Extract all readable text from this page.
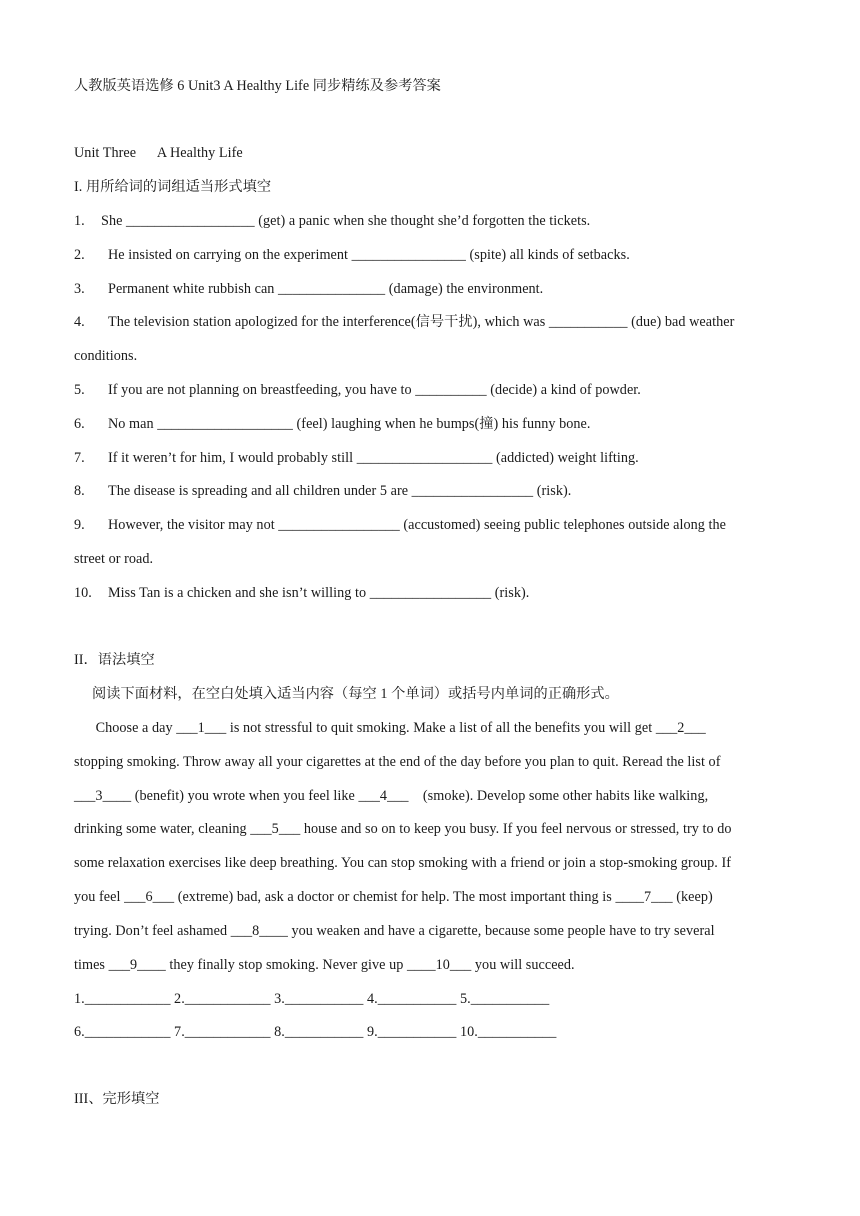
人教版英语选修 6 Unit3 A Healthy Life 同步精练及参考答案
Unit Three      A Healthy Life
I. 用所给词的词组适当形式填空
1.	She __________________ (get) a panic when she thought she’d forgotten the tickets.
2.	He insisted on carrying on the experiment ________________ (spite) all kinds of setbacks.
3.	Permanent white rubbish can _______________ (damage) the environment.
4.	The television station apologized for the interference(信号干扰), which was ___________ (due) bad weather
conditions.
5.	If you are not planning on breastfeeding, you have to __________ (decide) a kind of powder.
6.	No man ___________________ (feel) laughing when he bumps(撞) his funny bone.
7.	If it weren’t for him, I would probably still ___________________ (addicted) weight lifting.
8.	The disease is spreading and all children under 5 are _________________ (risk).
9.	However, the visitor may not _________________ (accustomed) seeing public telephones outside along the
street or road.
10.	Miss Tan is a chicken and she isn’t willing to _________________ (risk).
II．语法填空
阅读下面材料，在空白处填入适当内容（每空 1 个单词）或括号内单词的正确形式。
Choose a day ___1___ is not stressful to quit smoking. Make a list of all the benefits you will get ___2___
stopping smoking. Throw away all your cigarettes at the end of the day before you plan to quit. Reread the list of
___3____ (benefit) you wrote when you feel like ___4___    (smoke). Develop some other habits like walking,
drinking some water, cleaning ___5___ house and so on to keep you busy. If you feel nervous or stressed, try to do
some relaxation exercises like deep breathing. You can stop smoking with a friend or join a stop-smoking group. If
you feel ___6___ (extreme) bad, ask a doctor or chemist for help. The most important thing is ____7___ (keep)
trying. Don’t feel ashamed ___8____ you weaken and have a cigarette, because some people have to try several
times ___9____ they finally stop smoking. Never give up ____10___ you will succeed.
1.____________ 2.____________ 3.___________ 4.___________ 5.___________
6.____________ 7.____________ 8.___________ 9.___________ 10.___________
III、完形填空
